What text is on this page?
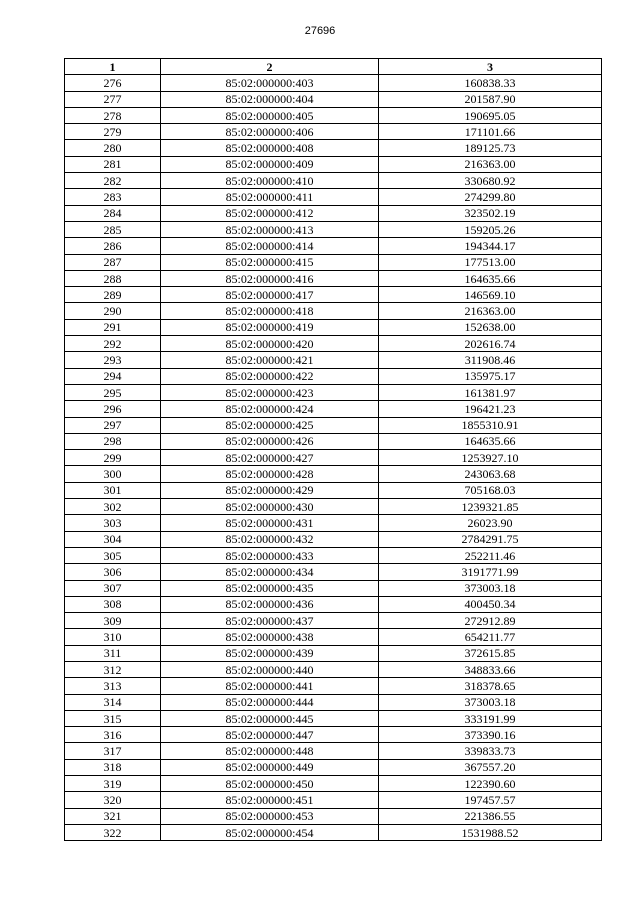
27696
1	2	3
276	85:02:000000:403	160838.33
277	85:02:000000:404	201587.90
278	85:02:000000:405	190695.05
279	85:02:000000:406	171101.66
280	85:02:000000:408	189125.73
281	85:02:000000:409	216363.00
282	85:02:000000:410	330680.92
283	85:02:000000:411	274299.80
284	85:02:000000:412	323502.19
285	85:02:000000:413	159205.26
286	85:02:000000:414	194344.17
287	85:02:000000:415	177513.00
288	85:02:000000:416	164635.66
289	85:02:000000:417	146569.10
290	85:02:000000:418	216363.00
291	85:02:000000:419	152638.00
292	85:02:000000:420	202616.74
293	85:02:000000:421	311908.46
294	85:02:000000:422	135975.17
295	85:02:000000:423	161381.97
296	85:02:000000:424	196421.23
297	85:02:000000:425	1855310.91
298	85:02:000000:426	164635.66
299	85:02:000000:427	1253927.10
300	85:02:000000:428	243063.68
301	85:02:000000:429	705168.03
302	85:02:000000:430	1239321.85
303	85:02:000000:431	26023.90
304	85:02:000000:432	2784291.75
305	85:02:000000:433	252211.46
306	85:02:000000:434	3191771.99
307	85:02:000000:435	373003.18
308	85:02:000000:436	400450.34
309	85:02:000000:437	272912.89
310	85:02:000000:438	654211.77
311	85:02:000000:439	372615.85
312	85:02:000000:440	348833.66
313	85:02:000000:441	318378.65
314	85:02:000000:444	373003.18
315	85:02:000000:445	333191.99
316	85:02:000000:447	373390.16
317	85:02:000000:448	339833.73
318	85:02:000000:449	367557.20
319	85:02:000000:450	122390.60
320	85:02:000000:451	197457.57
321	85:02:000000:453	221386.55
322	85:02:000000:454	1531988.52
